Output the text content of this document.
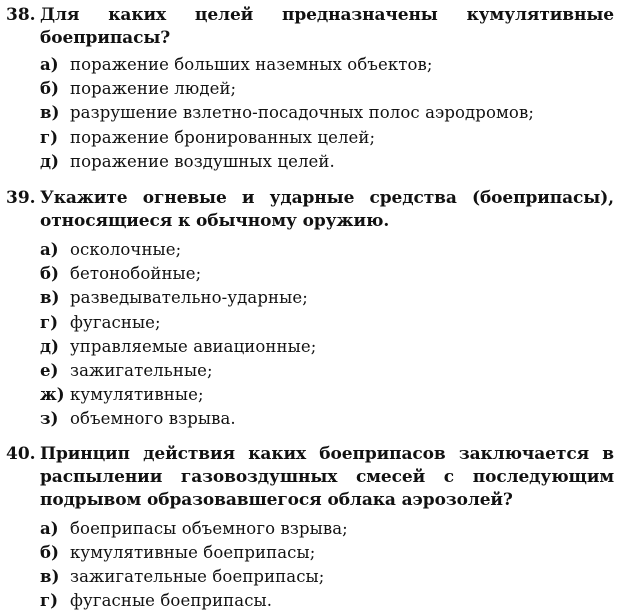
38. Для каких целей предназначены кумулятивные боеприпасы?
а) поражение больших наземных объектов;
б) поражение людей;
в) разрушение взлетно-посадочных полос аэродромов;
г) поражение бронированных целей;
д) поражение воздушных целей.
39. Укажите огневые и ударные средства (боеприпасы), относящиеся к обычному оружию.
а) осколочные;
б) бетонобойные;
в) разведывательно-ударные;
г) фугасные;
д) управляемые авиационные;
е) зажигательные;
ж) кумулятивные;
з) объемного взрыва.
40. Принцип действия каких боеприпасов заключается в распылении газовоздушных смесей с последующим подрывом образовавшегося облака аэрозолей?
а) боеприпасы объемного взрыва;
б) кумулятивные боеприпасы;
в) зажигательные боеприпасы;
г) фугасные боеприпасы.
